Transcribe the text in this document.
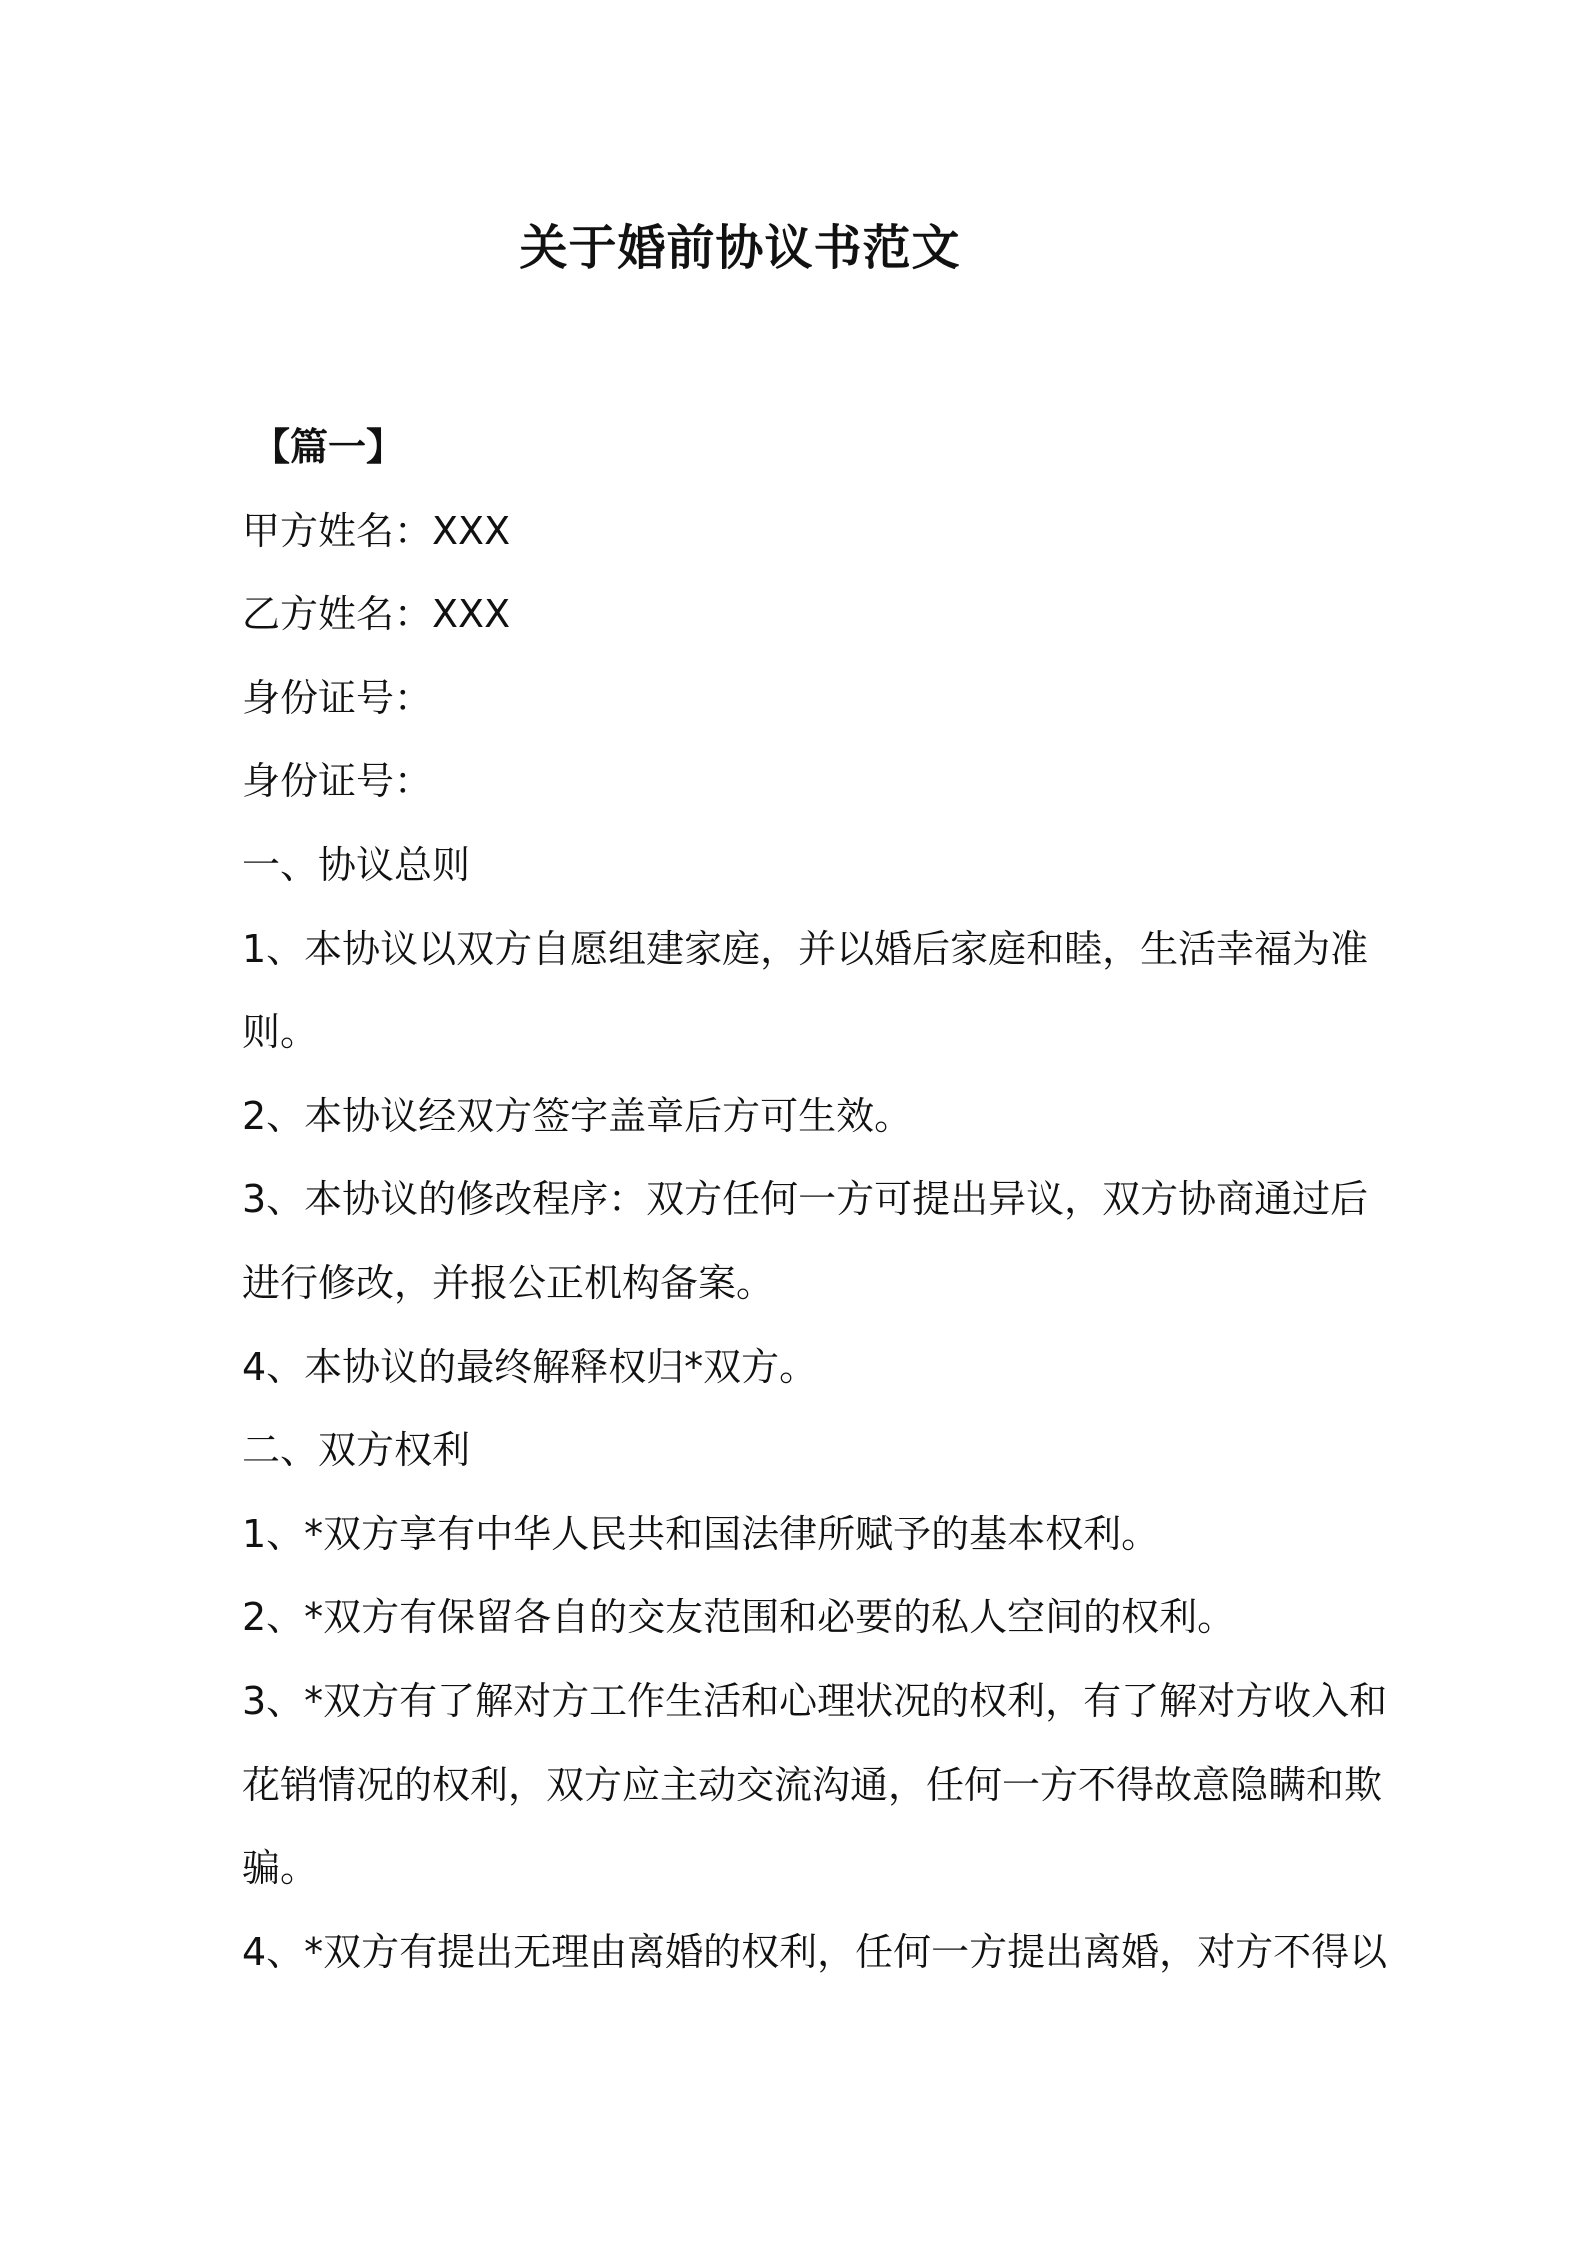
关于婚前协议书范文
【篇一】
甲方姓名：XXX
乙方姓名：XXX
身份证号：
身份证号：
一、协议总则
1、本协议以双方自愿组建家庭，并以婚后家庭和睦，生活幸福为准
则。
2、本协议经双方签字盖章后方可生效。
3、本协议的修改程序：双方任何一方可提出异议，双方协商通过后
进行修改，并报公正机构备案。
4、本协议的最终解释权归*双方。
二、双方权利
1、*双方享有中华人民共和国法律所赋予的基本权利。
2、*双方有保留各自的交友范围和必要的私人空间的权利。
3、*双方有了解对方工作生活和心理状况的权利，有了解对方收入和
花销情况的权利，双方应主动交流沟通，任何一方不得故意隐瞒和欺
骗。
4、*双方有提出无理由离婚的权利，任何一方提出离婚，对方不得以
